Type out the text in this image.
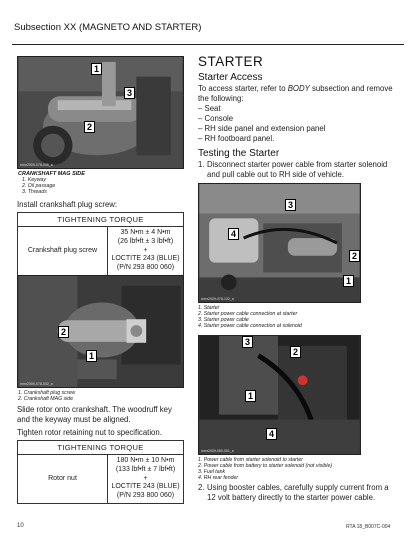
Subsection XX (MAGNETO AND STARTER)
mmr2009-078-006_a
1
3
2
CRANKSHAFT MAG SIDE
1. Keyway
2. Oil passage
3. Threads
Install crankshaft plug screw:
TIGHTENING TORQUE
Crankshaft plug screw	
35 N•m ± 4 N•m
(26 lbf•ft ± 3 lbf•ft)
+
LOCTITE 243 (BLUE)
(P/N 293 800 060)
mmr2009-078-002_a
2
1
1. Crankshaft plug screw
2. Crankshaft MAG side
Slide rotor onto crankshaft. The woodruff key and the keyway must be aligned.
Tighten rotor retaining nut to specification.
TIGHTENING TORQUE
Rotor nut	
180 N•m ± 10 N•m
(133 lbf•ft ± 7 lbf•ft)
+
LOCTITE 243 (BLUE)
(P/N 293 800 060)
STARTER
Starter Access
To access starter, refer to BODY subsection and remove the following:
– Seat
– Console
– RH side panel and extension panel
– RH footboard panel.
Testing the Starter
1. Disconnect starter power cable from starter solenoid and pull cable out to RH side of vehicle.
mmr2009-078-132_a
3
4
2
1
1. Starter
2. Starter power cable connection at starter
3. Starter power cable
4. Starter power cable connection at solenoid
mmr2009-080-001_a
3
2
1
4
1. Power cable from starter solenoid to starter
2. Power cable from battery to starter solenoid (not visible)
3. Fuel tank
4. RH rear fender
2. Using booster cables, carefully supply current from a 12 volt battery directly to the starter power cable.
10	RTA 18_B007C-004
